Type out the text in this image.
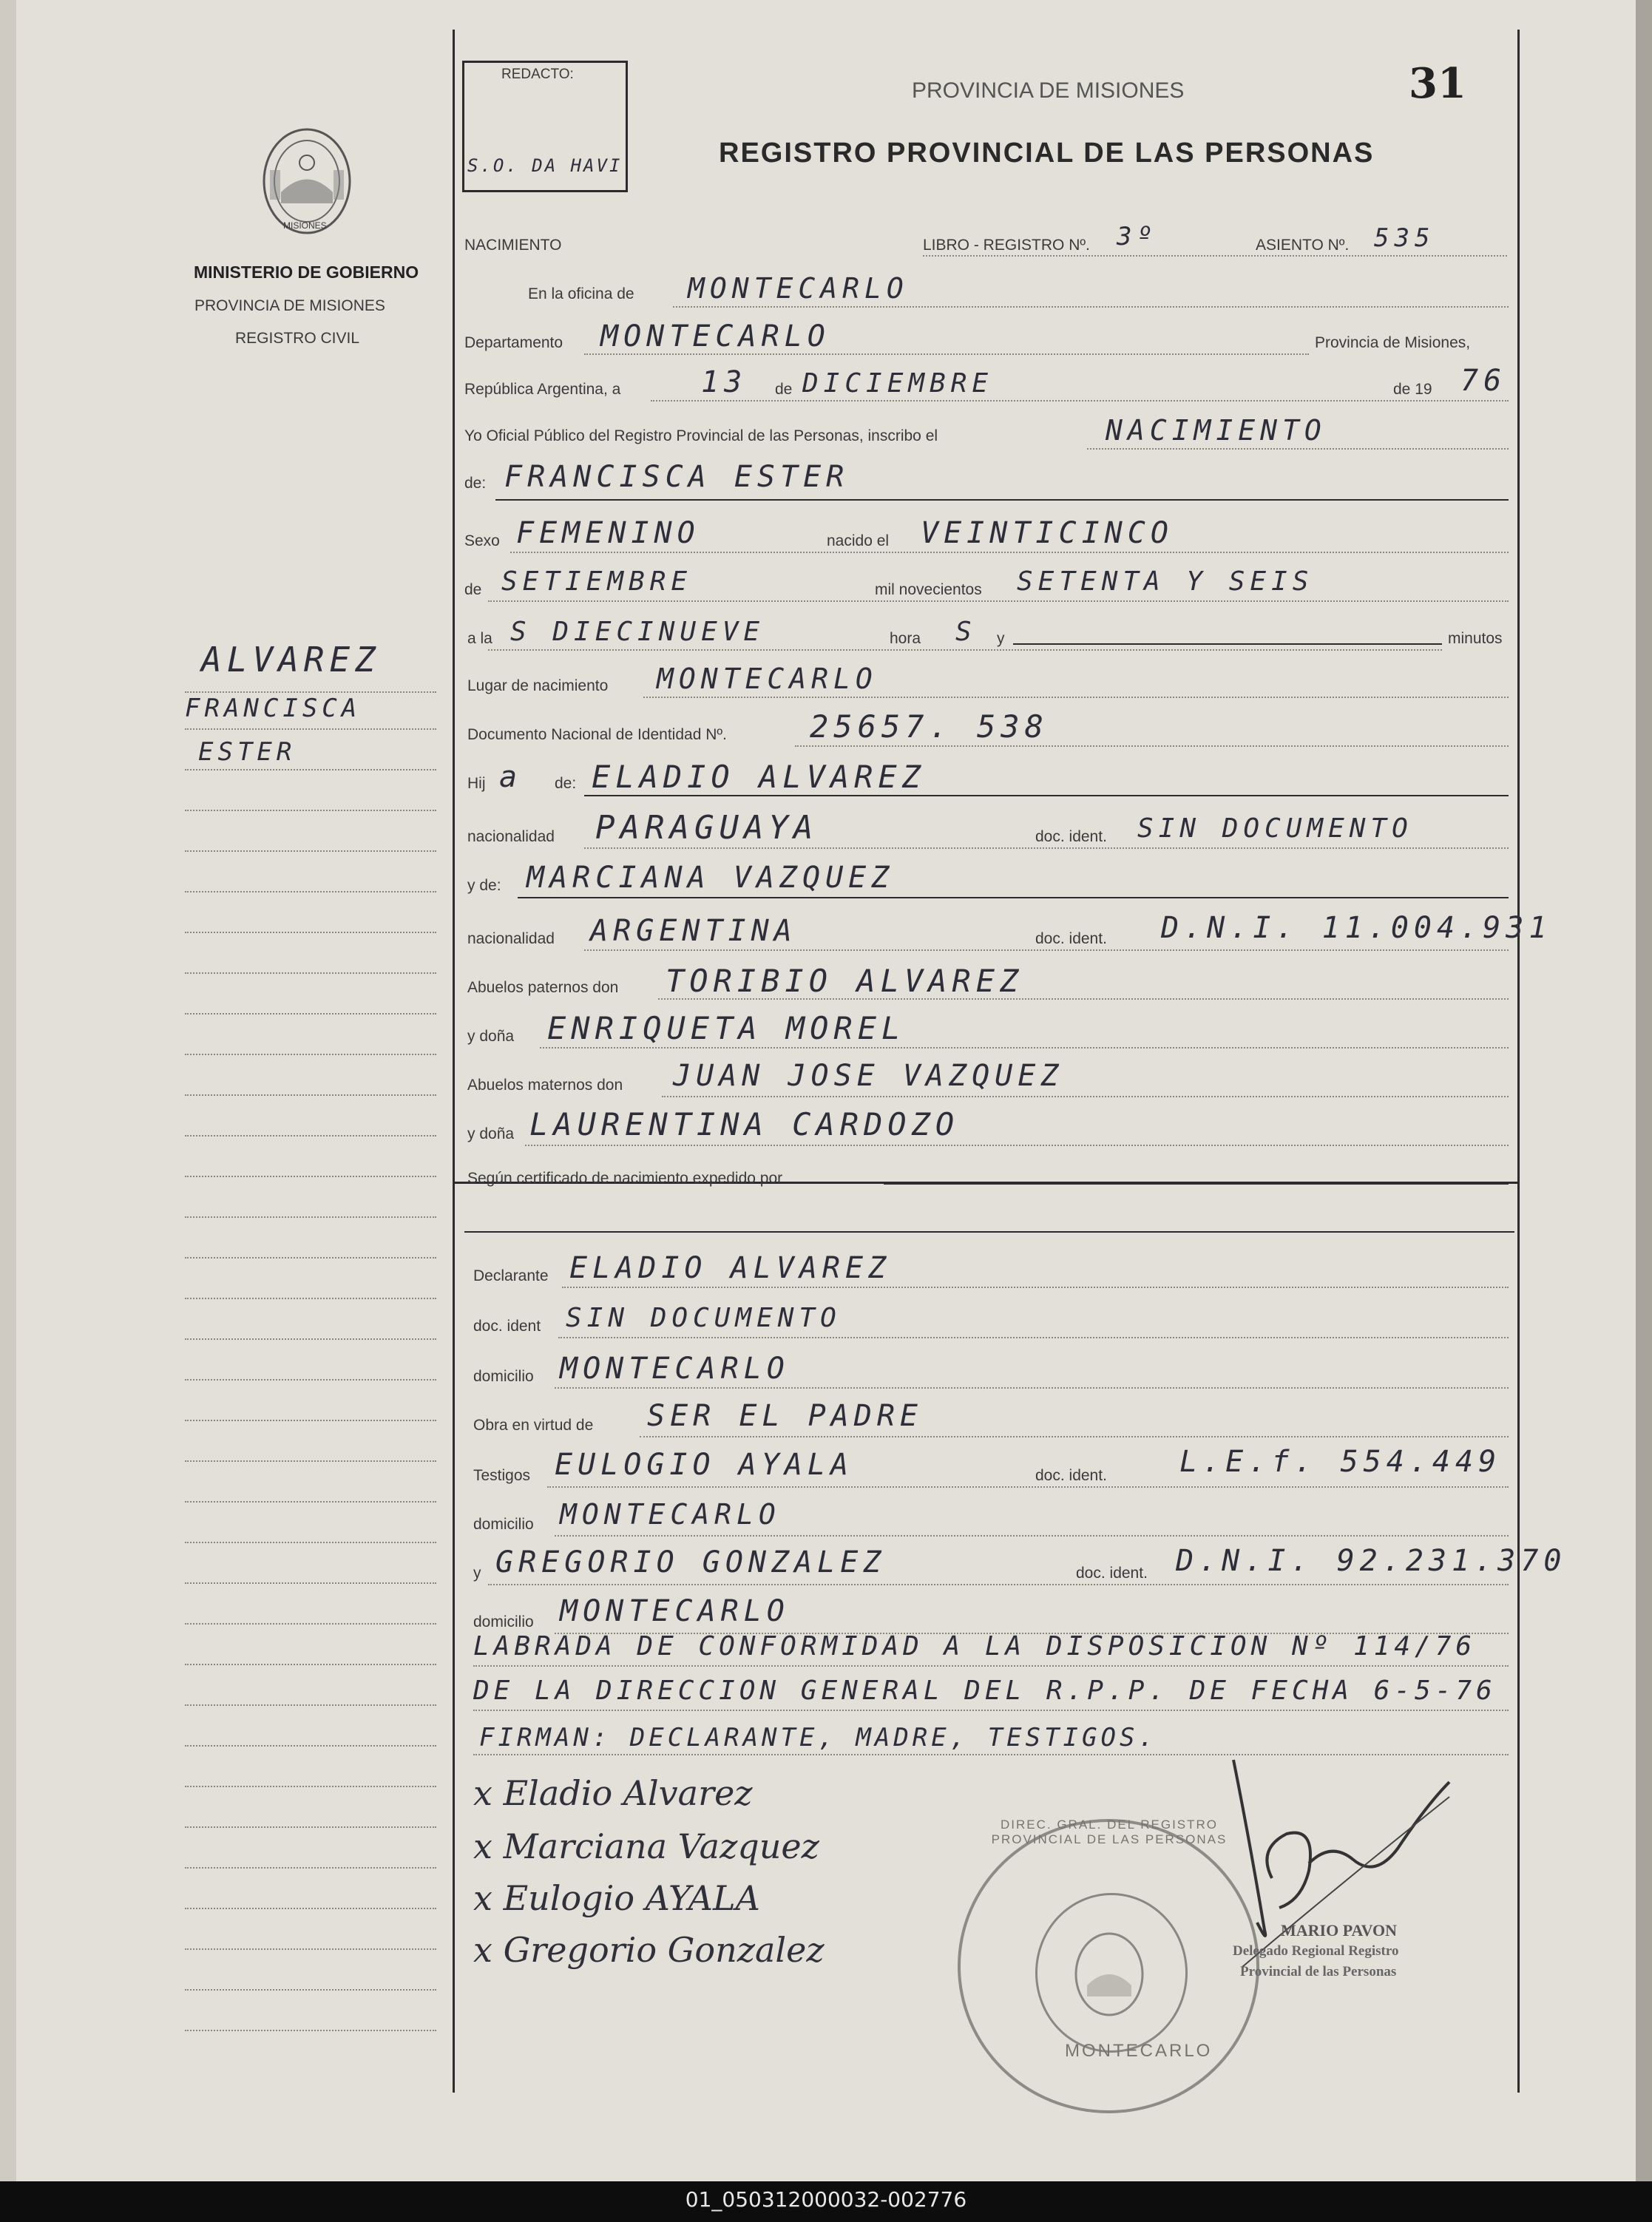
01_050312000032-002776
MISIONES
MINISTERIO DE GOBIERNO
PROVINCIA DE MISIONES
REGISTRO CIVIL
ALVAREZ
FRANCISCA
ESTER
REDACTO:
S.O. DA HAVI
PROVINCIA DE MISIONES	31
REGISTRO PROVINCIAL DE LAS PERSONAS
NACIMIENTO	LIBRO - REGISTRO Nº. 3º	ASIENTO Nº. 535
En la oficina de MONTECARLO
Departamento MONTECARLO	Provincia de Misiones,
República Argentina, a	13 de DICIEMBRE	de 19 76
Yo Oficial Público del Registro Provincial de las Personas, inscribo el	NACIMIENTO
de: FRANCISCA ESTER
Sexo FEMENINO	nacido el VEINTICINCO
de SETIEMBRE	mil novecientos SETENTA Y SEIS
a la S DIECINUEVE	hora S y	minutos
Lugar de nacimiento MONTECARLO
Documento Nacional de Identidad Nº.	25657. 538
Hij a de: ELADIO ALVAREZ
nacionalidad PARAGUAYA	doc. ident. SIN DOCUMENTO
y de: MARCIANA VAZQUEZ
nacionalidad ARGENTINA	doc. ident. D.N.I. 11.004.931
Abuelos paternos don TORIBIO ALVAREZ
y doña ENRIQUETA MOREL
Abuelos maternos don JUAN JOSE VAZQUEZ
y doña LAURENTINA CARDOZO
Según certificado de nacimiento expedido por
Declarante ELADIO ALVAREZ
doc. ident SIN DOCUMENTO
domicilio MONTECARLO
Obra en virtud de SER EL PADRE
Testigos EULOGIO AYALA	doc. ident. L.E.f. 554.449
domicilio MONTECARLO
y GREGORIO GONZALEZ	doc. ident. D.N.I. 92.231.370
domicilio MONTECARLO
LABRADA DE CONFORMIDAD A LA DISPOSICION Nº 114/76
DE LA DIRECCION GENERAL DEL R.P.P. DE FECHA 6-5-76
FIRMAN: DECLARANTE, MADRE, TESTIGOS.
x Eladio Alvarez
x Marciana Vazquez
x Eulogio AYALA
x Gregorio Gonzalez
DIREC. GRAL. DEL REGISTRO PROVINCIAL DE LAS PERSONAS
MONTECARLO
MARIO PAVON
Delegado Regional Registro
Provincial de las Personas
